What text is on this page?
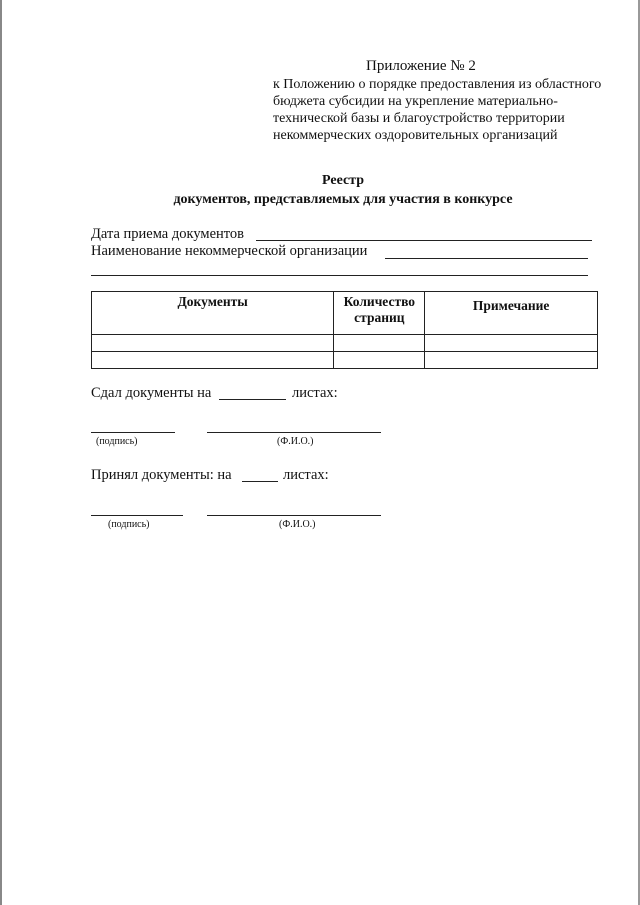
Приложение № 2
к Положению о порядке предоставления из областного
бюджета субсидии на укрепление материально-
технической базы и благоустройство территории
некоммерческих оздоровительных организаций
Реестр
документов, представляемых для участия в конкурсе
Дата приема документов
Наименование некоммерческой организации
Документы	Количество страниц	Примечание

Сдал документы на	листах:
(подпись)	(Ф.И.О.)
Принял документы: на	листах:
(подпись)	(Ф.И.О.)
